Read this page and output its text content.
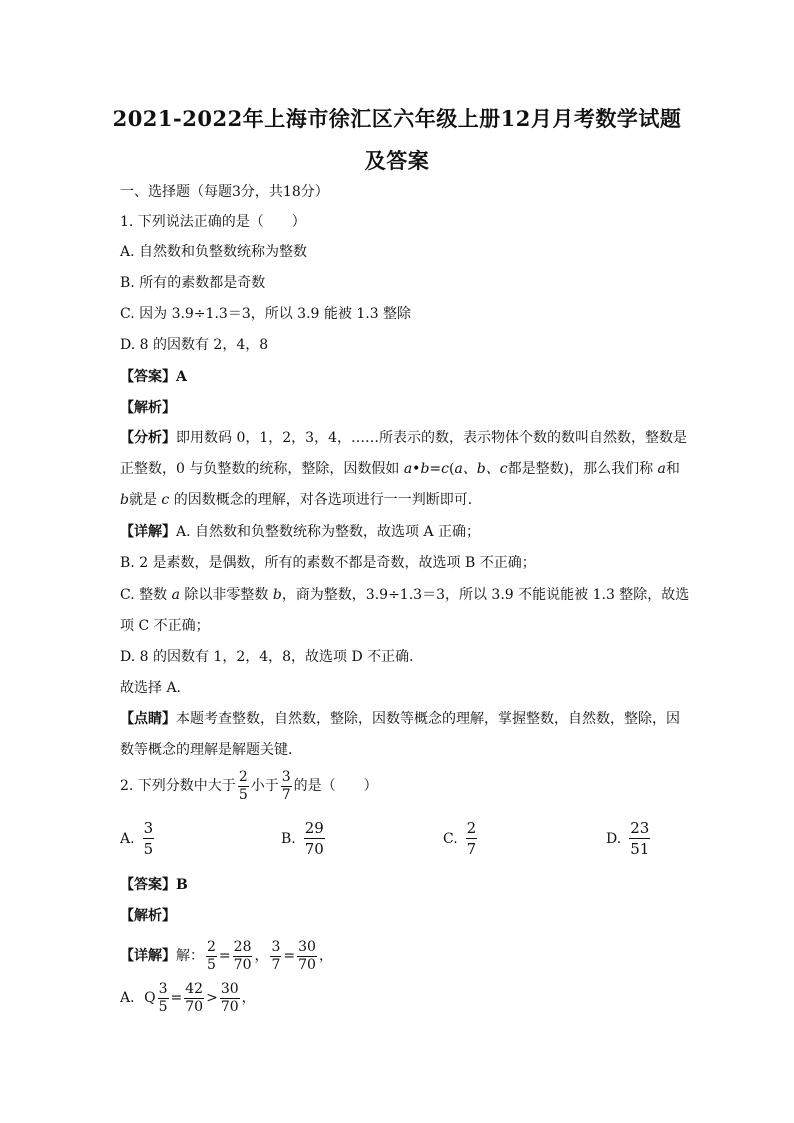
2021-2022年上海市徐汇区六年级上册12月月考数学试题
及答案
一、选择题（每题3分，共18分）
1. 下列说法正确的是（　　）
A. 自然数和负整数统称为整数
B. 所有的素数都是奇数
C. 因为 3.9÷1.3＝3，所以 3.9 能被 1.3 整除
D. 8 的因数有 2，4，8
【答案】A
【解析】
【分析】即用数码 0，1，2，3，4，……所表示的数，表示物体个数的数叫自然数，整数是
正整数，0 与负整数的统称，整除，因数假如 a•b=c(a、b、c都是整数)，那么我们称 a和
b就是 c 的因数概念的理解，对各选项进行一一判断即可．
【详解】A. 自然数和负整数统称为整数，故选项 A 正确；
B. 2 是素数，是偶数，所有的素数不都是奇数，故选项 B 不正确；
C. 整数 a 除以非零整数 b，商为整数，3.9÷1.3＝3，所以 3.9 不能说能被 1.3 整除，故选
项 C 不正确；
D. 8 的因数有 1，2，4，8，故选项 D 不正确．
故选择 A．
【点睛】本题考查整数，自然数，整除，因数等概念的理解，掌握整数，自然数，整除，因
数等概念的理解是解题关键．
2. 下列分数中大于 $\frac{2}{5}$ 小于 $\frac{3}{7}$ 的是（　　）
A. $\frac{3}{5}$	B. $\frac{29}{70}$	C. $\frac{2}{7}$	D. $\frac{23}{51}$
【答案】B
【解析】
【详解】解： $\frac{2}{5} = \frac{28}{70}$ ， $\frac{3}{7} = \frac{30}{70}$ ，
A．Q $\frac{3}{5} = \frac{42}{70} > \frac{30}{70}$ ，
